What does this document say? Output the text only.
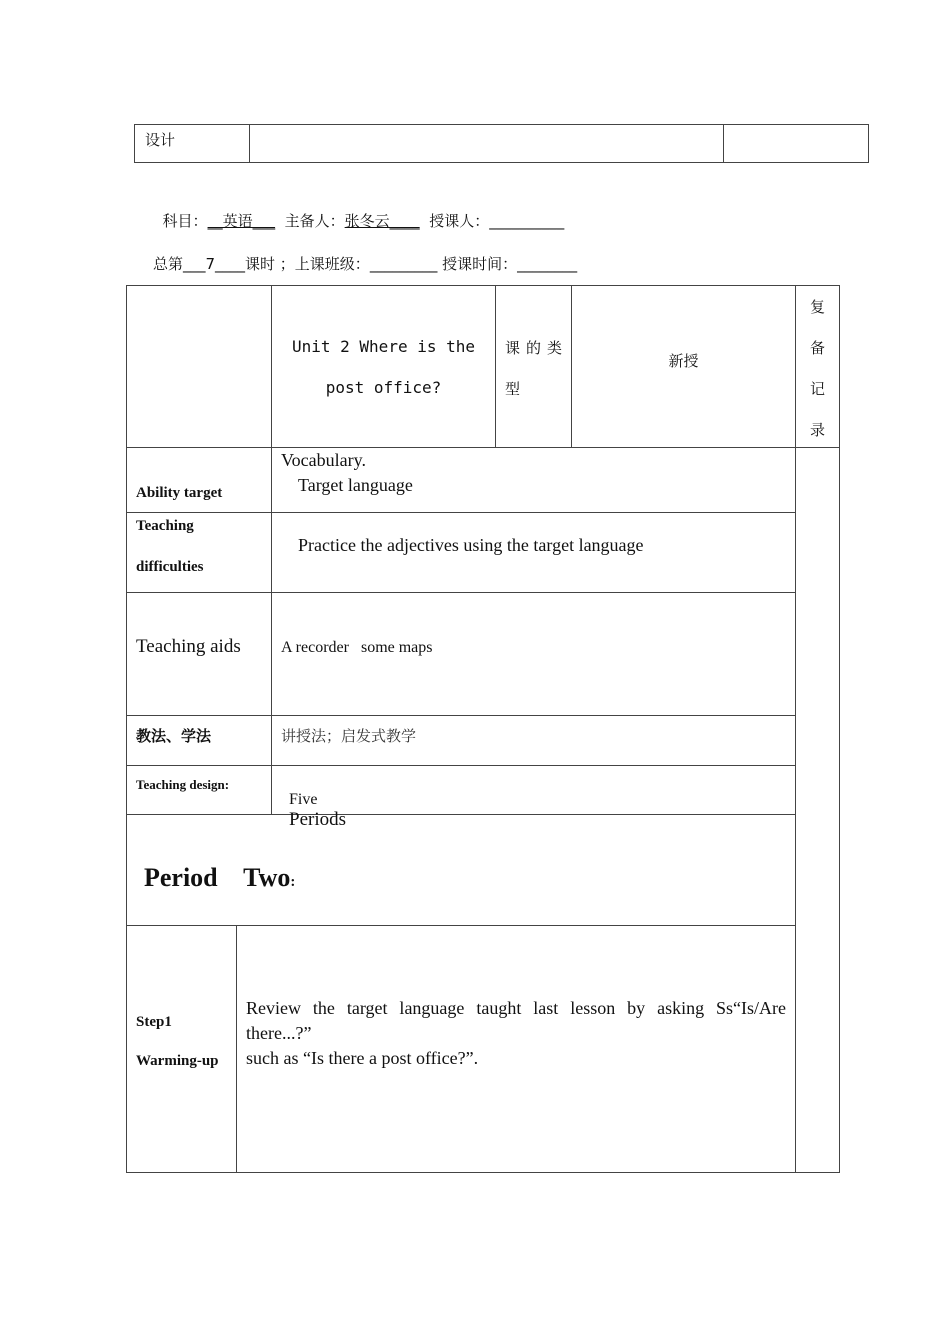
设计

科目：__英语___ 主备人：张冬云____ 授课人：__________

总第___7____课时 ；上课班级：_________ 授课时间：________
Unit 2 Where is the
post office?
课的类
型
新授
复
备
记
录
Ability target
Vocabulary.
Target language
Teaching
difficulties
Practice the adjectives using the target language
Teaching aids	A recorder   some maps
教法、学法	讲授法；启发式教学
Teaching design:

Five
Periods

Period    Two:

Step1
Warming-up
Review the target language taught last lesson by asking Ss“Is/Are
there...?”
such as “Is there a post office?”.
